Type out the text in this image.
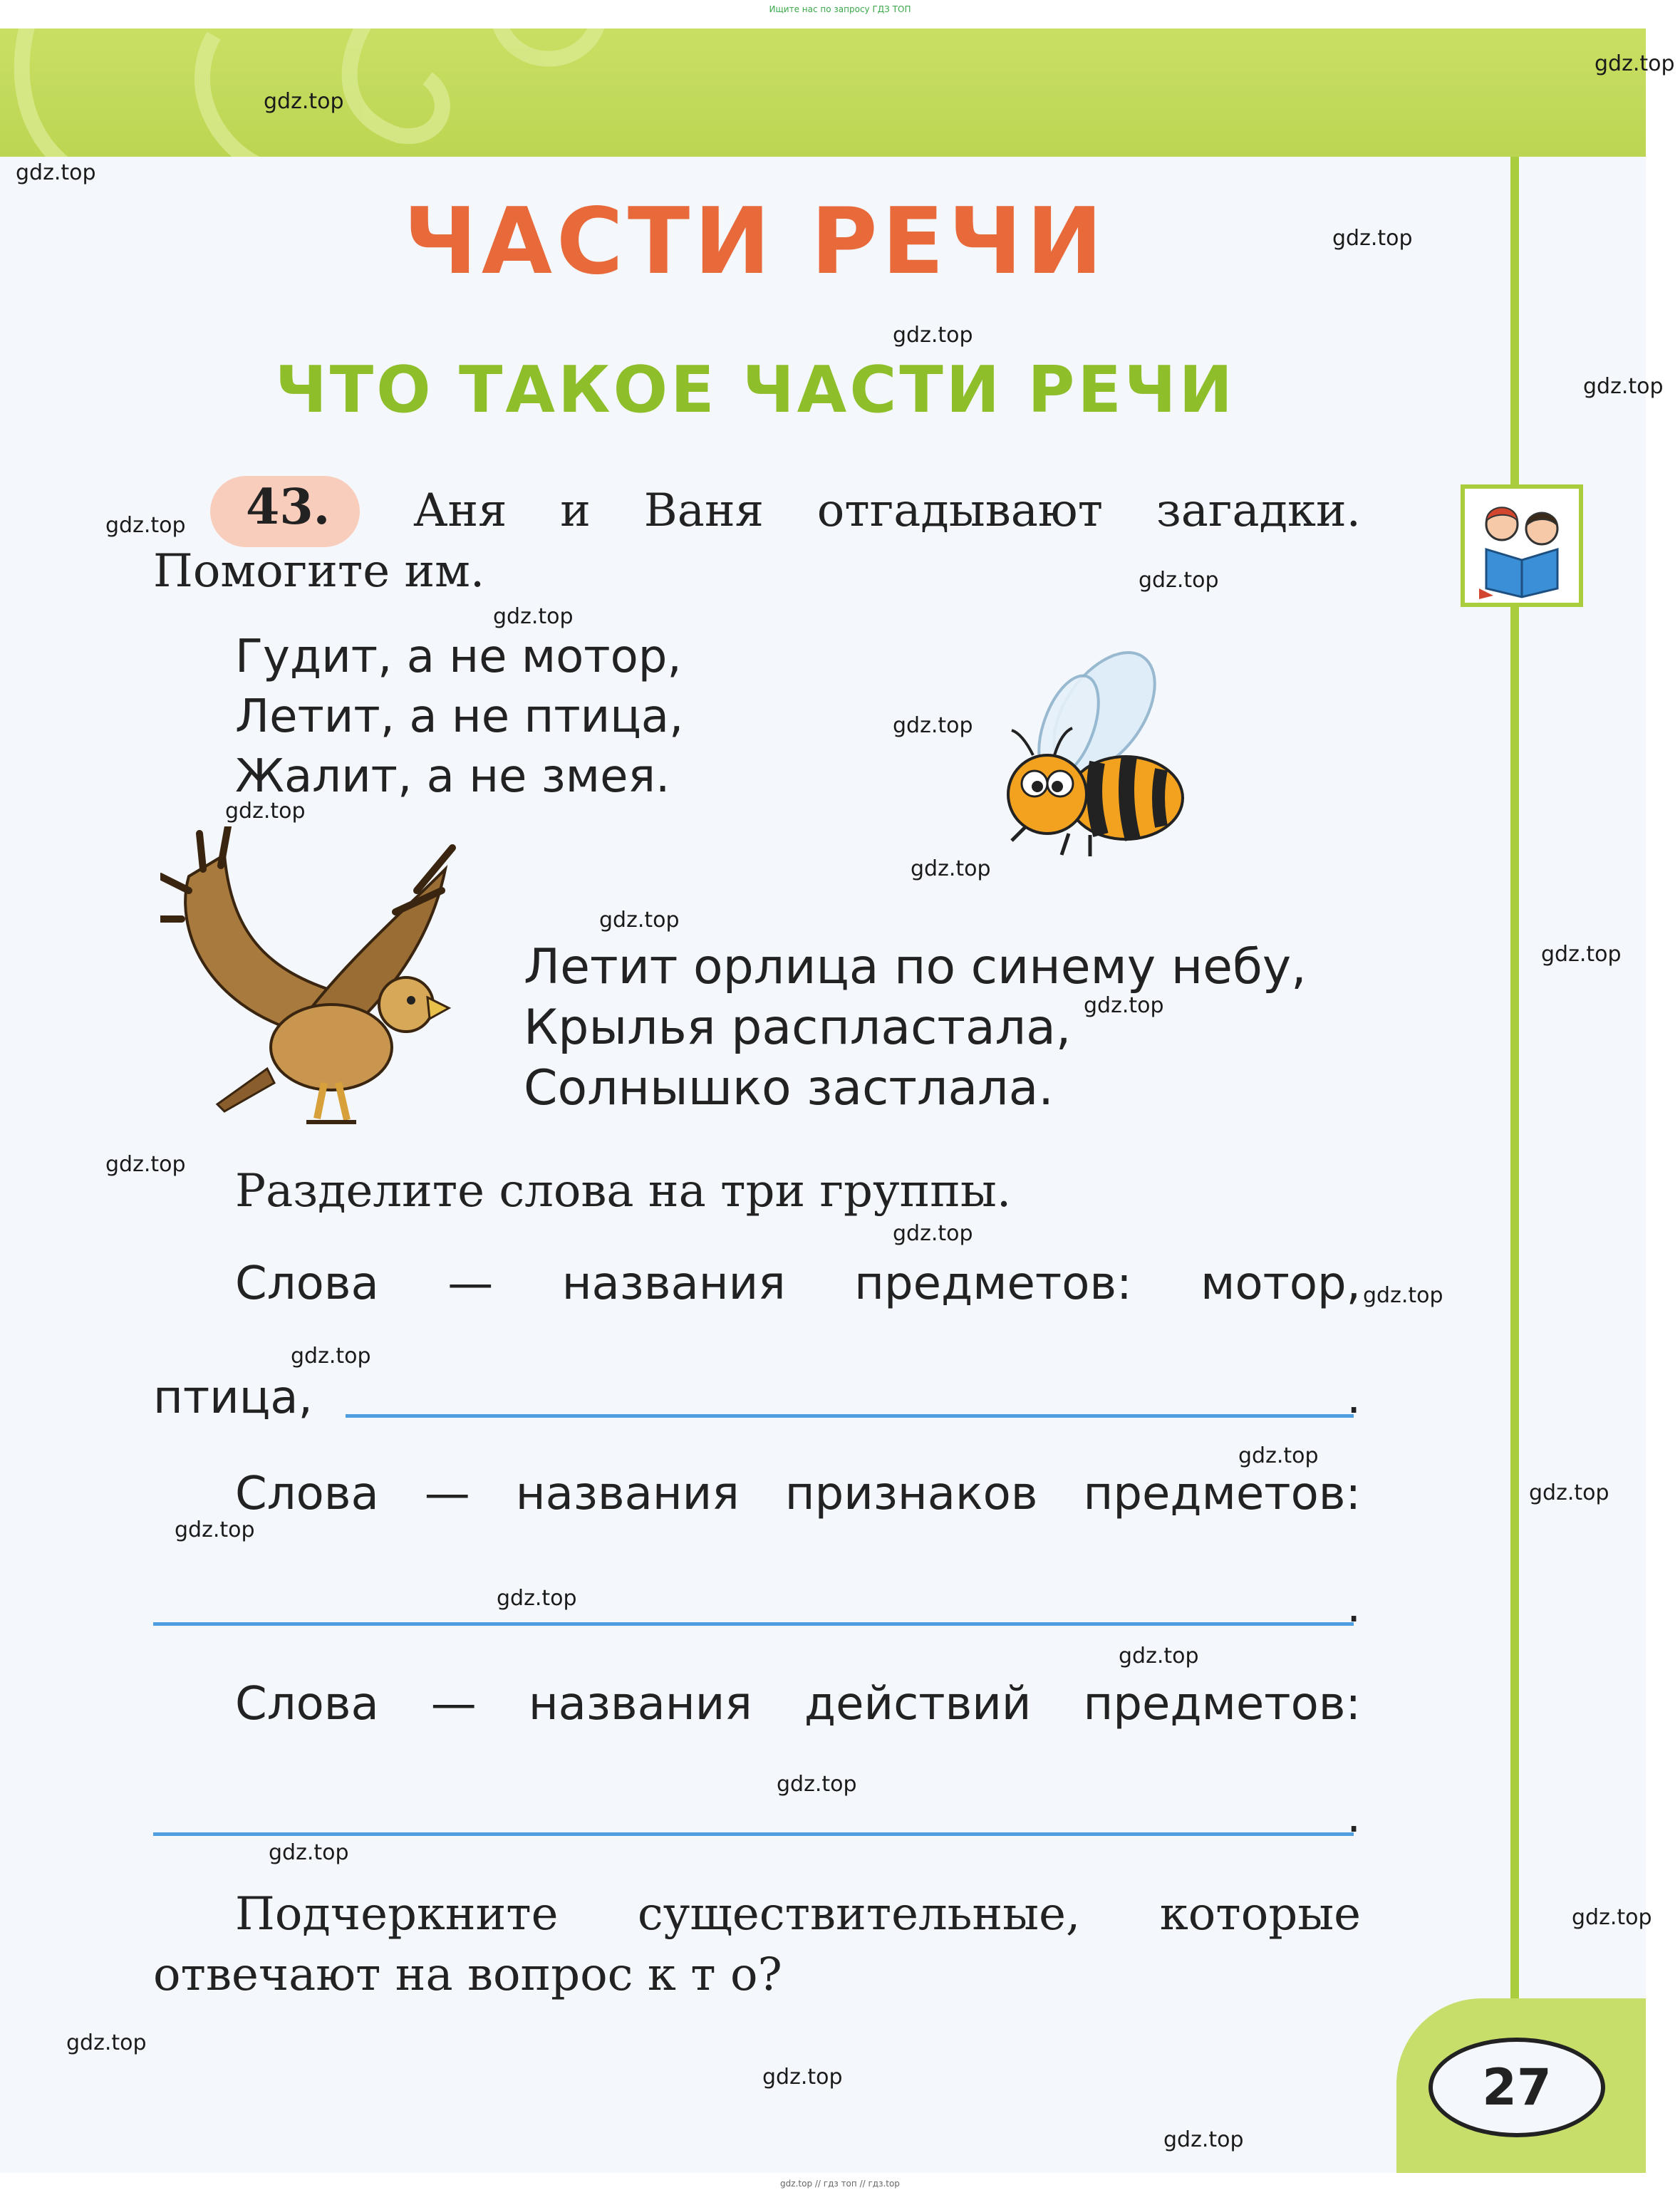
Ищите нас по запросу ГДЗ ТОП
ЧАСТИ РЕЧИ
ЧТО ТАКОЕ ЧАСТИ РЕЧИ
43. Аня и Ваня отгадывают загадки.
Помогите им.
Гудит, а не мотор,
Летит, а не птица,
Жалит, а не змея.
Летит орлица по синему небу,
Крылья распластала,
Солнышко застлала.
Разделите слова на три группы.
Слова — названия предметов: мотор,
птица,	.
Слова — названия признаков предметов:
.
Слова — названия действий предметов:
.
Подчеркните существительные, которые
отвечают на вопрос к т о?
27
gdz.top
gdz.top
gdz.top
gdz.top
gdz.top
gdz.top
gdz.top
gdz.top
gdz.top
gdz.top
gdz.top
gdz.top
gdz.top
gdz.top
gdz.top
gdz.top
gdz.top
gdz.top
gdz.top
gdz.top
gdz.top
gdz.top
gdz.top
gdz.top
gdz.top
gdz.top
gdz.top
gdz.top
gdz.top
gdz.top
gdz.top // гдз топ // гдз.top
